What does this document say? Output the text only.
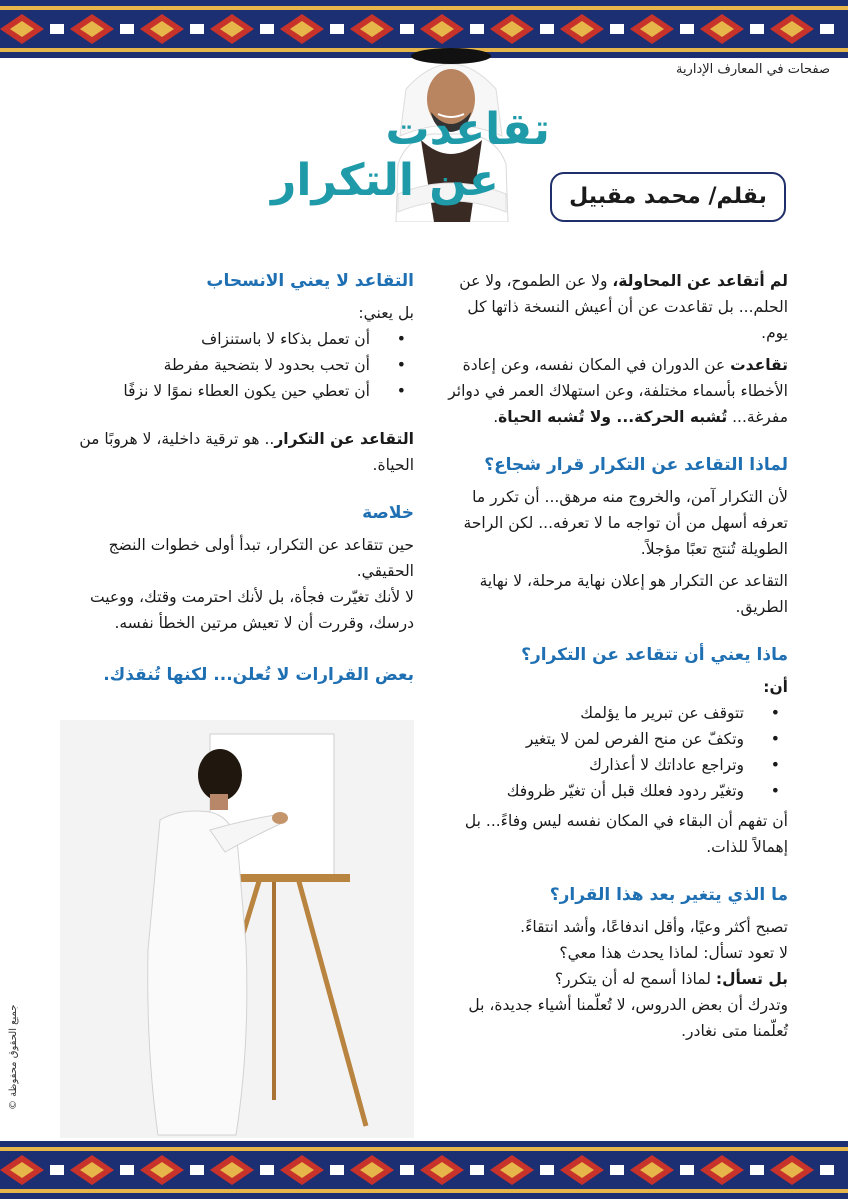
صفحات في المعارف الإدارية
تقاعدت  عن التكرار	بقلم/ محمد مقبيل

لم أتقاعد عن المحاولة، ولا عن الطموح، ولا عن الحلم... بل تقاعدت عن أن أعيش النسخة ذاتها كل يوم.

تقاعدت عن الدوران في المكان نفسه، وعن إعادة الأخطاء بأسماء مختلفة، وعن استهلاك العمر في دوائر مفرغة... تُشبه الحركة... ولا تُشبه الحياة.

لماذا التقاعد عن التكرار قرار شجاع؟

لأن التكرار آمن، والخروج منه مرهق... أن تكرر ما تعرفه أسهل من أن تواجه ما لا تعرفه... لكن الراحة الطويلة تُنتج تعبًا مؤجلاً.

التقاعد عن التكرار هو إعلان نهاية مرحلة، لا نهاية الطريق.

ماذا يعني أن تتقاعد عن التكرار؟

أن:

• تتوقف عن تبرير ما يؤلمك
• وتكفّ عن منح الفرص لمن لا يتغير
• وتراجع عاداتك لا أعذارك
• وتغيّر ردود فعلك قبل أن تغيّر ظروفك

أن تفهم أن البقاء في المكان نفسه ليس وفاءً... بل إهمالاً للذات.

ما الذي يتغير بعد هذا القرار؟

تصبح أكثر وعيًا، وأقل اندفاعًا، وأشد انتقاءً.

لا تعود تسأل: لماذا يحدث هذا معي؟

بل تسأل: لماذا أسمح له أن يتكرر؟

وتدرك أن بعض الدروس، لا تُعلّمنا أشياء جديدة، بل تُعلّمنا متى نغادر.

التقاعد لا يعني الانسحاب

بل يعني:

• أن تعمل بذكاء لا باستنزاف
• أن تحب بحدود لا بتضحية مفرطة
• أن تعطي حين يكون العطاء نموًا لا نزفًا

التقاعد عن التكرار.. هو ترقية داخلية، لا هروبًا من الحياة.

خلاصة

حين تتقاعد عن التكرار، تبدأ أولى خطوات النضج الحقيقي.

لا لأنك تغيّرت فجأة، بل لأنك احترمت وقتك، ووعيت درسك، وقررت أن لا تعيش مرتين الخطأ نفسه.

بعض القرارات لا تُعلن... لكنها تُنقذك.
جميع الحقوق محفوظة ©
